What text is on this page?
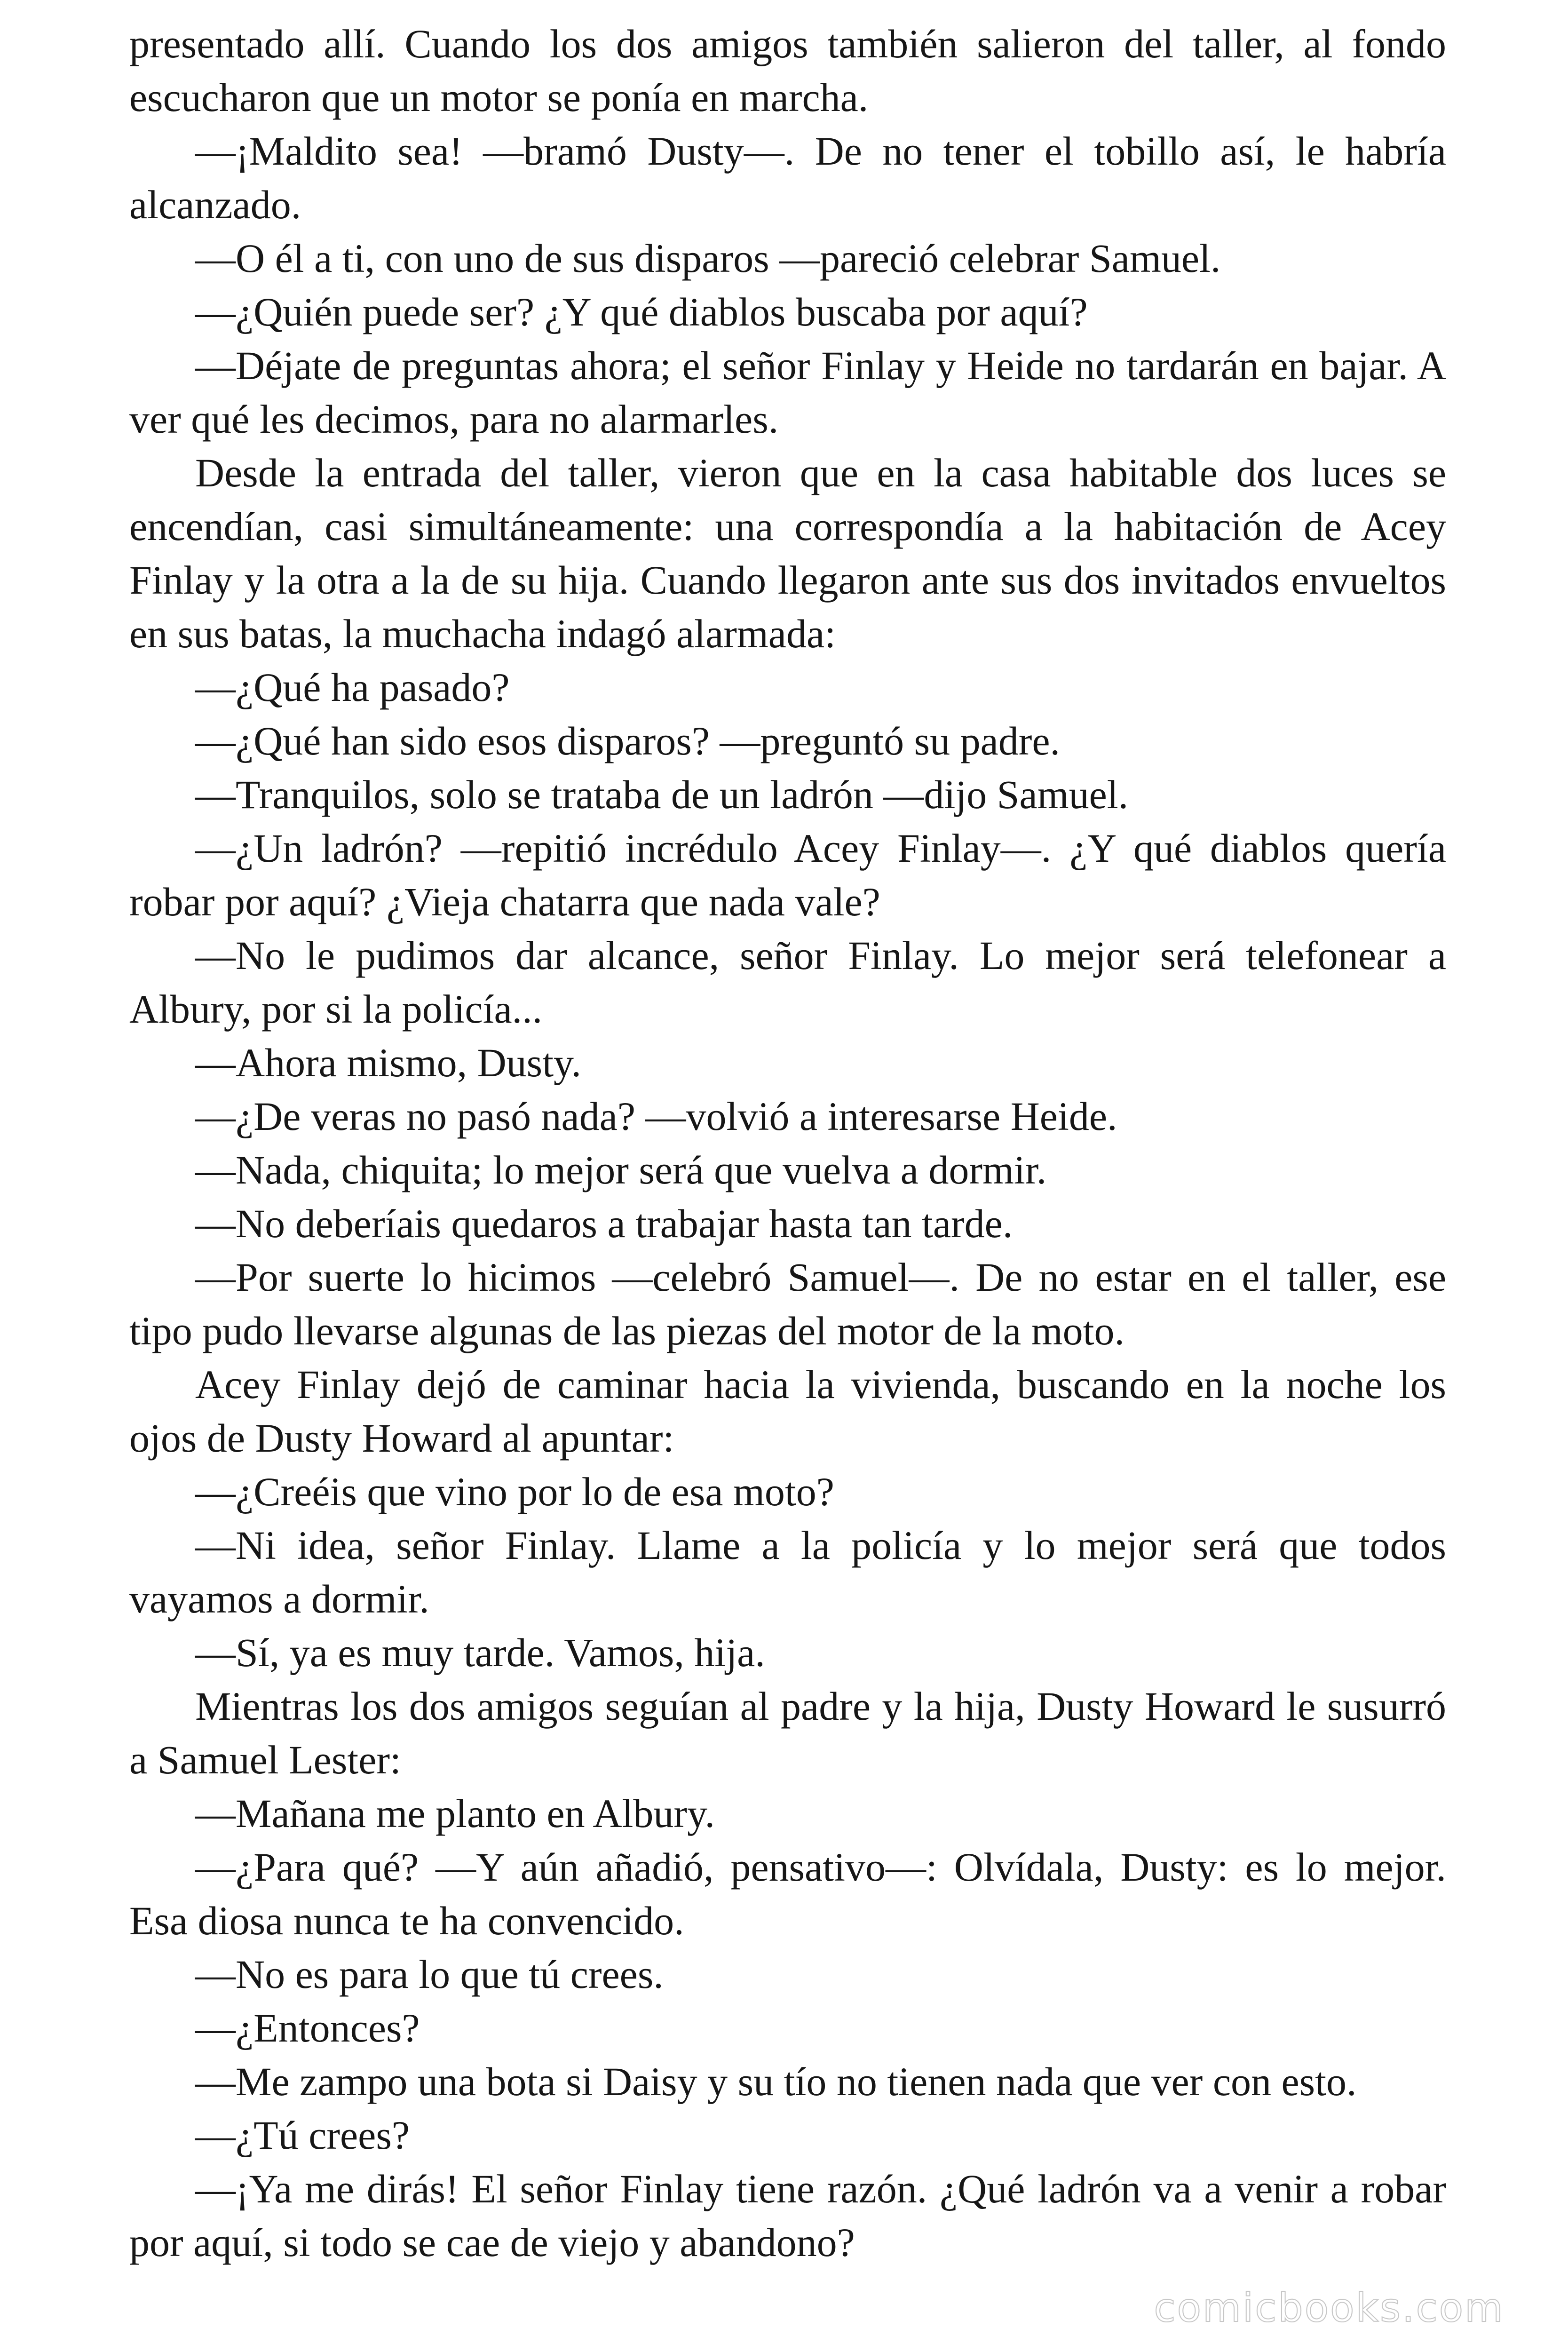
presentado allí. Cuando los dos amigos también salieron del taller, al fondo escucharon que un motor se ponía en marcha.

—¡Maldito sea! —bramó Dusty—. De no tener el tobillo así, le habría alcanzado.

—O él a ti, con uno de sus disparos —pareció celebrar Samuel.

—¿Quién puede ser? ¿Y qué diablos buscaba por aquí?

—Déjate de preguntas ahora; el señor Finlay y Heide no tardarán en bajar. A ver qué les decimos, para no alarmarles.

Desde la entrada del taller, vieron que en la casa habitable dos luces se encendían, casi simultáneamente: una correspondía a la habitación de Acey Finlay y la otra a la de su hija. Cuando llegaron ante sus dos invitados envueltos en sus batas, la muchacha indagó alarmada:

—¿Qué ha pasado?

—¿Qué han sido esos disparos? —preguntó su padre.

—Tranquilos, solo se trataba de un ladrón —dijo Samuel.

—¿Un ladrón? —repitió incrédulo Acey Finlay—. ¿Y qué diablos quería robar por aquí? ¿Vieja chatarra que nada vale?

—No le pudimos dar alcance, señor Finlay. Lo mejor será telefonear a Albury, por si la policía...

—Ahora mismo, Dusty.

—¿De veras no pasó nada? —volvió a interesarse Heide.

—Nada, chiquita; lo mejor será que vuelva a dormir.

—No deberíais quedaros a trabajar hasta tan tarde.

—Por suerte lo hicimos —celebró Samuel—. De no estar en el taller, ese tipo pudo llevarse algunas de las piezas del motor de la moto.

Acey Finlay dejó de caminar hacia la vivienda, buscando en la noche los ojos de Dusty Howard al apuntar:

—¿Creéis que vino por lo de esa moto?

—Ni idea, señor Finlay. Llame a la policía y lo mejor será que todos vayamos a dormir.

—Sí, ya es muy tarde. Vamos, hija.

Mientras los dos amigos seguían al padre y la hija, Dusty Howard le susurró a Samuel Lester:

—Mañana me planto en Albury.

—¿Para qué? —Y aún añadió, pensativo—: Olvídala, Dusty: es lo mejor. Esa diosa nunca te ha convencido.

—No es para lo que tú crees.

—¿Entonces?

—Me zampo una bota si Daisy y su tío no tienen nada que ver con esto.

—¿Tú crees?

—¡Ya me dirás! El señor Finlay tiene razón. ¿Qué ladrón va a venir a robar por aquí, si todo se cae de viejo y abandono?

comicbooks.com
